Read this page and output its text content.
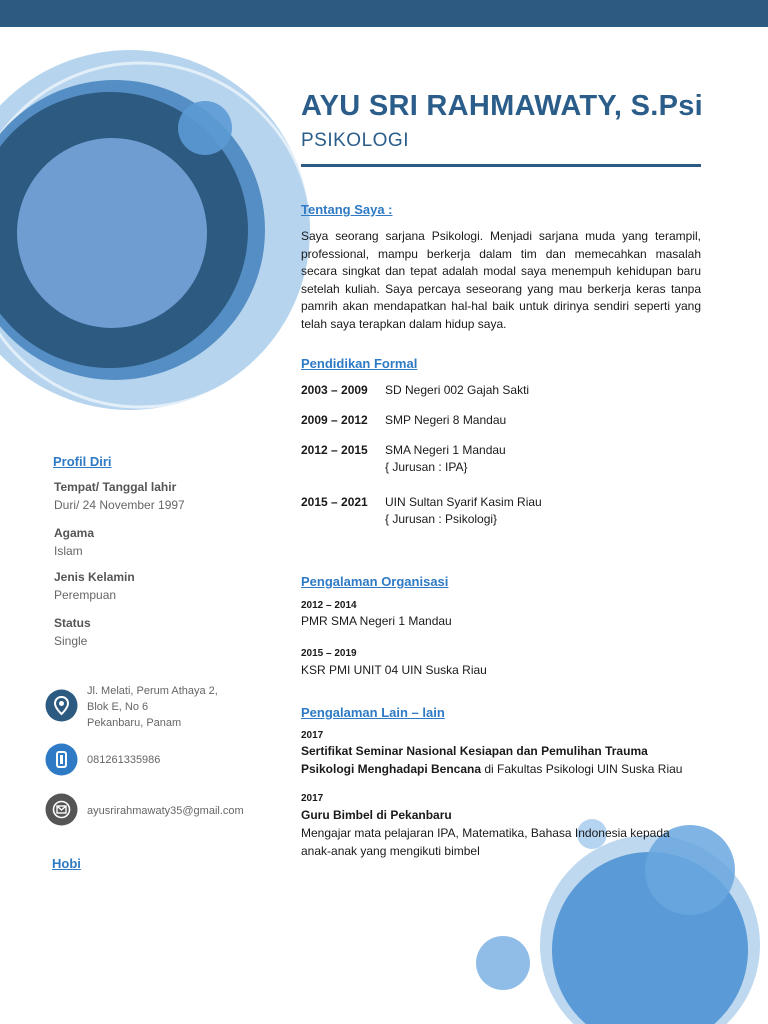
AYU SRI RAHMAWATY, S.Psi
PSIKOLOGI
Tentang Saya :

Saya seorang sarjana Psikologi. Menjadi sarjana muda yang terampil, professional, mampu berkerja dalam tim dan memecahkan masalah secara singkat dan tepat adalah modal saya menempuh kehidupan baru setelah kuliah. Saya percaya seseorang yang mau berkerja keras tanpa pamrih akan mendapatkan hal-hal baik untuk dirinya sendiri seperti yang telah saya terapkan dalam hidup saya.

Pendidikan Formal
2003 – 2009	SD Negeri 002 Gajah Sakti
2009 – 2012	SMP Negeri 8 Mandau
2012 – 2015	SMA Negeri 1 Mandau
{ Jurusan : IPA}
2015 – 2021	UIN Sultan Syarif Kasim Riau
{ Jurusan : Psikologi}
Pengalaman Organisasi
2012 – 2014
PMR SMA Negeri 1 Mandau
2015 – 2019
KSR PMI UNIT 04 UIN Suska Riau
Pengalaman Lain – lain
2017
Sertifikat Seminar Nasional Kesiapan dan Pemulihan Trauma Psikologi Menghadapi Bencana di Fakultas Psikologi UIN Suska Riau
2017
Guru Bimbel di Pekanbaru
Mengajar mata pelajaran IPA, Matematika, Bahasa Indonesia kepada anak-anak yang mengikuti bimbel
Profil Diri
Tempat/ Tanggal lahir
Duri/ 24 November 1997
Agama
Islam
Jenis Kelamin
Perempuan
Status
Single
Jl. Melati, Perum Athaya 2,
Blok E, No 6
Pekanbaru, Panam
081261335986
ayusrirahmawaty35@gmail.com
Hobi
